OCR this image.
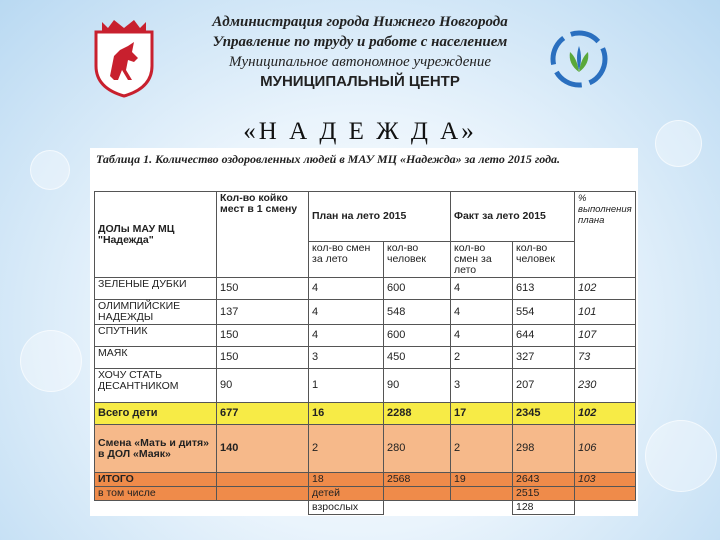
Администрация города Нижнего Новгорода
Управление по труду и работе с населением
Муниципальное автономное учреждение
МУНИЦИПАЛЬНЫЙ ЦЕНТР
«Н А Д Е Ж Д А»
Таблица 1. Количество оздоровленных людей в МАУ МЦ «Надежда» за лето 2015 года.
ДОЛы МАУ МЦ "Надежда"	Кол-во койко мест в 1 смену	План на лето 2015		Факт за лето 2015		% выполнения плана
		кол-во смен за лето	кол-во человек	кол-во смен за лето	кол-во человек	
ЗЕЛЕНЫЕ ДУБКИ	150	4	600	4	613	102
ОЛИМПИЙСКИЕ НАДЕЖДЫ	137	4	548	4	554	101
СПУТНИК	150	4	600	4	644	107
МАЯК	150	3	450	2	327	73
ХОЧУ СТАТЬ ДЕСАНТНИКОМ	90	1	90	3	207	230
Всего дети	677	16	2288	17	2345	102
Смена «Мать и дитя» в ДОЛ «Маяк»	140	2	280	2	298	106
ИТОГО		18	2568	19	2643	103
в том числе		детей			2515	
		взрослых			128	
